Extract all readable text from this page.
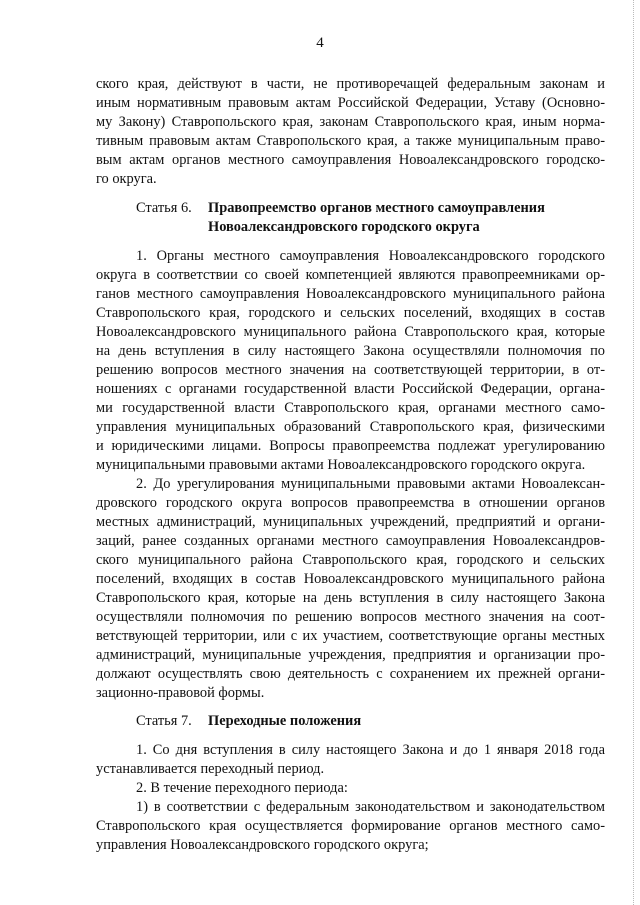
4
ского края, действуют в части, не противоречащей федеральным законам и
иным нормативным правовым актам Российской Федерации, Уставу (Основно-
му Закону) Ставропольского края, законам Ставропольского края, иным норма-
тивным правовым актам Ставропольского края, а также муниципальным право-
вым актам органов местного самоуправления Новоалександровского городско-
го округа.
Статья 6. Правопреемство органов местного самоуправления
Новоалександровского городского округа
1. Органы местного самоуправления Новоалександровского городского
округа в соответствии со своей компетенцией являются правопреемниками ор-
ганов местного самоуправления Новоалександровского муниципального района
Ставропольского края, городского и сельских поселений, входящих в состав
Новоалександровского муниципального района Ставропольского края, которые
на день вступления в силу настоящего Закона осуществляли полномочия по
решению вопросов местного значения на соответствующей территории, в от-
ношениях с органами государственной власти Российской Федерации, органа-
ми государственной власти Ставропольского края, органами местного само-
управления муниципальных образований Ставропольского края, физическими
и юридическими лицами. Вопросы правопреемства подлежат урегулированию
муниципальными правовыми актами Новоалександровского городского округа.
2. До урегулирования муниципальными правовыми актами Новоалексан-
дровского городского округа вопросов правопреемства в отношении органов
местных администраций, муниципальных учреждений, предприятий и органи-
заций, ранее созданных органами местного самоуправления Новоалександров-
ского муниципального района Ставропольского края, городского и сельских
поселений, входящих в состав Новоалександровского муниципального района
Ставропольского края, которые на день вступления в силу настоящего Закона
осуществляли полномочия по решению вопросов местного значения на соот-
ветствующей территории, или с их участием, соответствующие органы местных
администраций, муниципальные учреждения, предприятия и организации про-
должают осуществлять свою деятельность с сохранением их прежней органи-
зационно-правовой формы.
Статья 7. Переходные положения
1. Со дня вступления в силу настоящего Закона и до 1 января 2018 года
устанавливается переходный период.
2. В течение переходного периода:
1) в соответствии с федеральным законодательством и законодательством
Ставропольского края осуществляется формирование органов местного само-
управления Новоалександровского городского округа;
